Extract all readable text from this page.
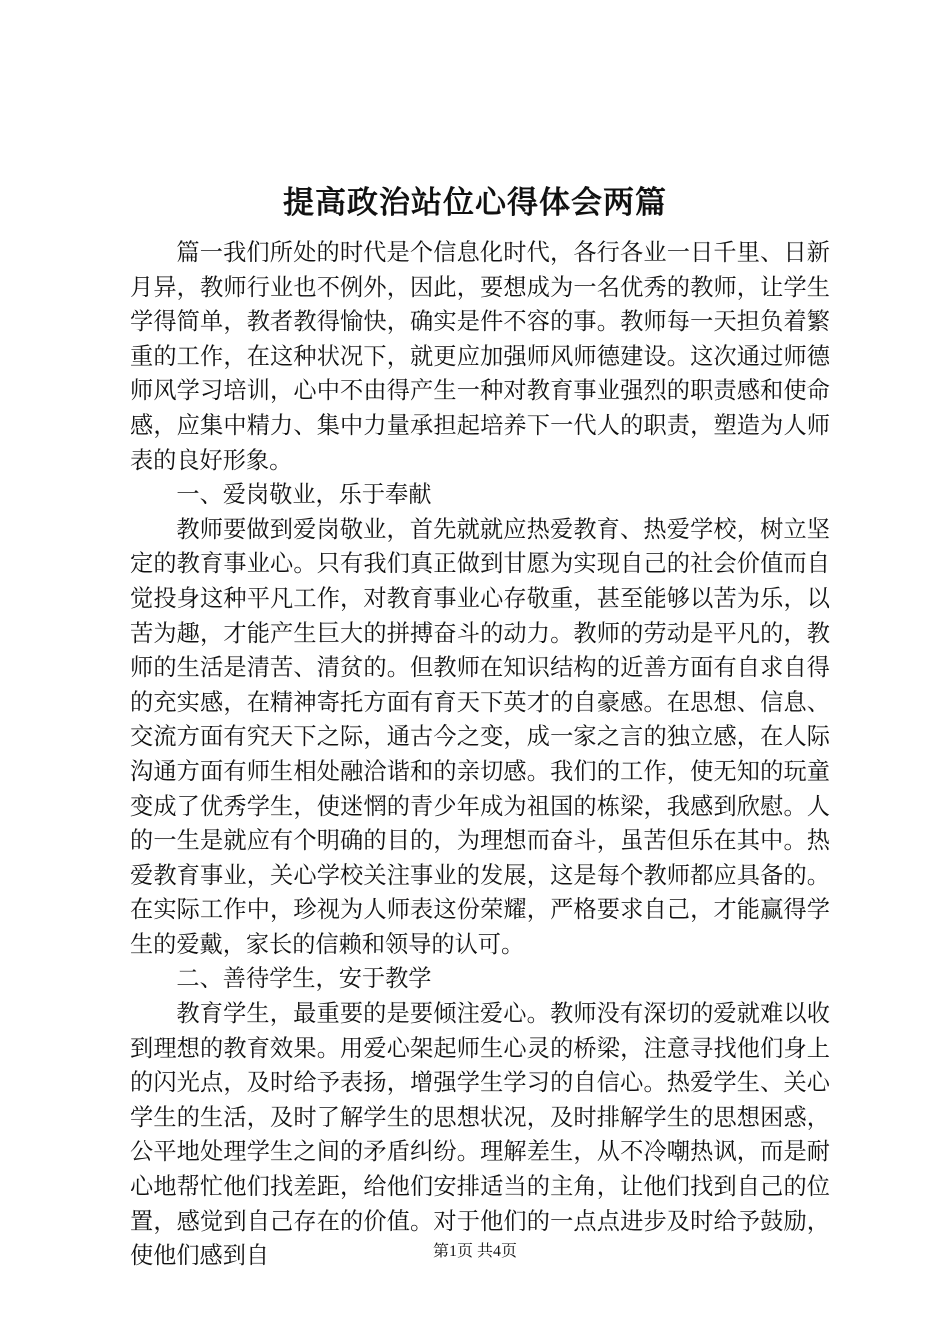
提高政治站位心得体会两篇

篇一我们所处的时代是个信息化时代，各行各业一日千里、日新月异，教师行业也不例外，因此，要想成为一名优秀的教师，让学生学得简单，教者教得愉快，确实是件不容的事。教师每一天担负着繁重的工作，在这种状况下，就更应加强师风师德建设。这次通过师德师风学习培训，心中不由得产生一种对教育事业强烈的职责感和使命感，应集中精力、集中力量承担起培养下一代人的职责，塑造为人师表的良好形象。

一、爱岗敬业，乐于奉献

教师要做到爱岗敬业，首先就就应热爱教育、热爱学校，树立坚定的教育事业心。只有我们真正做到甘愿为实现自己的社会价值而自觉投身这种平凡工作，对教育事业心存敬重，甚至能够以苦为乐，以苦为趣，才能产生巨大的拼搏奋斗的动力。教师的劳动是平凡的，教师的生活是清苦、清贫的。但教师在知识结构的近善方面有自求自得的充实感，在精神寄托方面有育天下英才的自豪感。在思想、信息、交流方面有究天下之际，通古今之变，成一家之言的独立感，在人际沟通方面有师生相处融洽谐和的亲切感。我们的工作，使无知的玩童变成了优秀学生，使迷惘的青少年成为祖国的栋梁，我感到欣慰。人的一生是就应有个明确的目的，为理想而奋斗，虽苦但乐在其中。热爱教育事业，关心学校关注事业的发展，这是每个教师都应具备的。在实际工作中，珍视为人师表这份荣耀，严格要求自己，才能赢得学生的爱戴，家长的信赖和领导的认可。

二、善待学生，安于教学

教育学生，最重要的是要倾注爱心。教师没有深切的爱就难以收到理想的教育效果。用爱心架起师生心灵的桥梁，注意寻找他们身上的闪光点，及时给予表扬，增强学生学习的自信心。热爱学生、关心学生的生活，及时了解学生的思想状况，及时排解学生的思想困惑，公平地处理学生之间的矛盾纠纷。理解差生，从不冷嘲热讽，而是耐心地帮忙他们找差距，给他们安排适当的主角，让他们找到自己的位置，感觉到自己存在的价值。对于他们的一点点进步及时给予鼓励，使他们感到自	第1页 共4页
